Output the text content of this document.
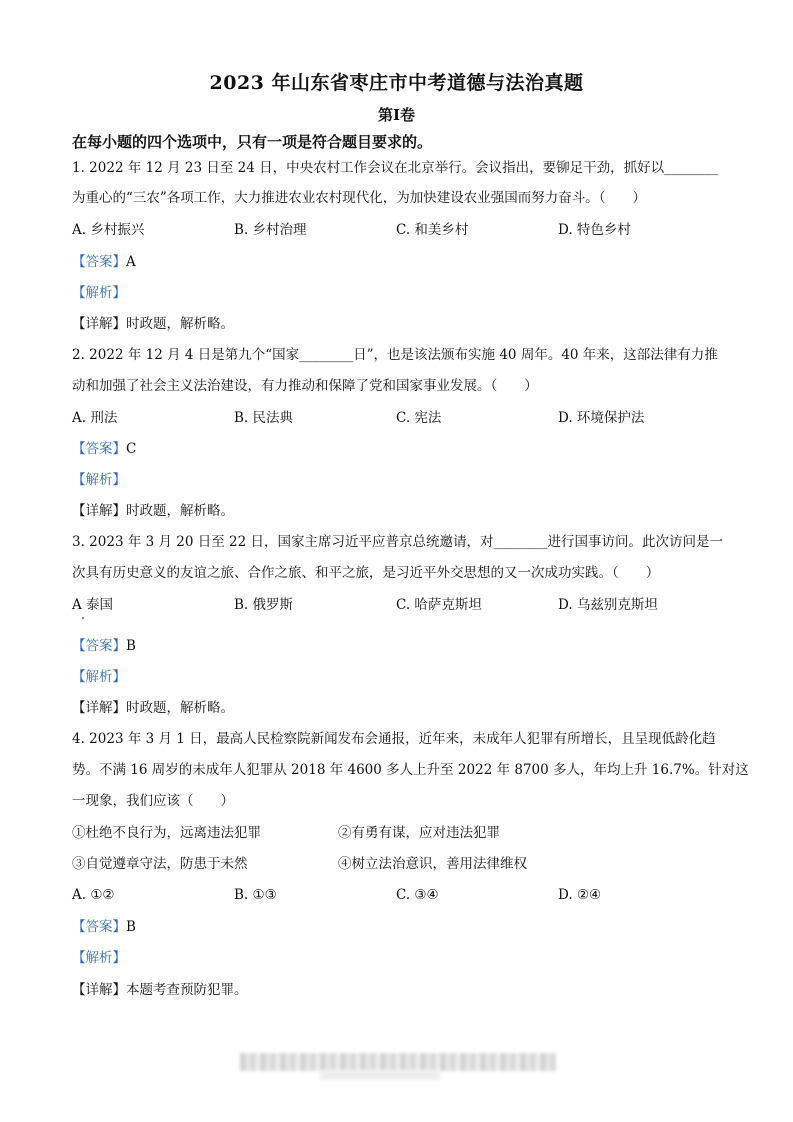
2023 年山东省枣庄市中考道德与法治真题
第Ⅰ卷
在每小题的四个选项中，只有一项是符合题目要求的。
1. 2022 年 12 月 23 日至 24 日，中央农村工作会议在北京举行。会议指出，要铆足干劲，抓好以________
为重心的“三农”各项工作，大力推进农业农村现代化，为加快建设农业强国而努力奋斗。（　　）
A. 乡村振兴	B. 乡村治理	C. 和美乡村	D. 特色乡村
【答案】A
【解析】
【详解】时政题，解析略。
2. 2022 年 12 月 4 日是第九个“国家________日”，也是该法颁布实施 40 周年。40 年来，这部法律有力推
动和加强了社会主义法治建设，有力推动和保障了党和国家事业发展。（　　）
A. 刑法	B. 民法典	C. 宪法	D. 环境保护法
【答案】C
【解析】
【详解】时政题，解析略。
3. 2023 年 3 月 20 日至 22 日，国家主席习近平应普京总统邀请，对________进行国事访问。此次访问是一
次具有历史意义的友谊之旅、合作之旅、和平之旅，是习近平外交思想的又一次成功实践。（　　）
A 泰国	B. 俄罗斯	C. 哈萨克斯坦	D. 乌兹别克斯坦
【答案】B
【解析】
【详解】时政题，解析略。
4. 2023 年 3 月 1 日，最高人民检察院新闻发布会通报，近年来，未成年人犯罪有所增长，且呈现低龄化趋
势。不满 16 周岁的未成年人犯罪从 2018 年 4600 多人上升至 2022 年 8700 多人，年均上升 16.7%。针对这
一现象，我们应该（　　）
①杜绝不良行为，远离违法犯罪	②有勇有谋，应对违法犯罪
③自觉遵章守法，防患于未然	④树立法治意识，善用法律维权
A. ①②	B. ①③	C. ③④	D. ②④
【答案】B
【解析】
【详解】本题考查预防犯罪。
